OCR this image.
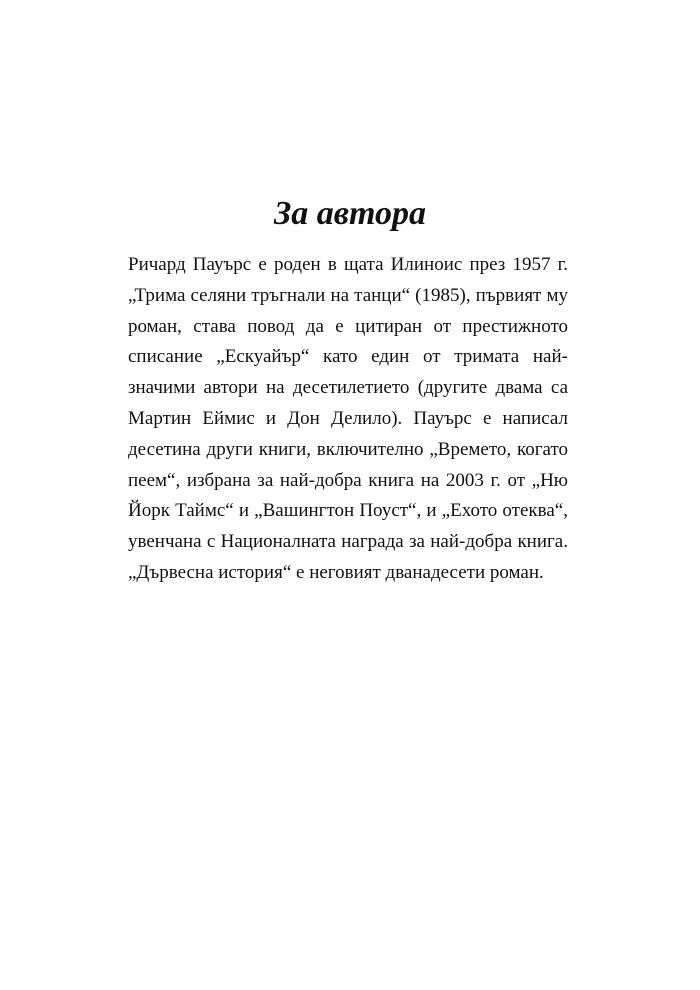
За автора
Ричард Пауърс е роден в щата Илиноис през 1957 г.
„Трима селяни тръгнали на танци“ (1985), първият му
роман, става повод да е цитиран от престижното
списание „Ескуайър“ като един от тримата най-
значими автори на десетилетието (другите двама са
Мартин Еймис и Дон Делило). Пауърс е написал
десетина други книги, включително „Времето, когато
пеем“, избрана за най-добра книга на 2003 г. от „Ню
Йорк Таймс“ и „Вашингтон Поуст“, и „Ехото отеква“,
увенчана с Националната награда за най-добра книга.
„Дървесна история“ е неговият дванадесети роман.
